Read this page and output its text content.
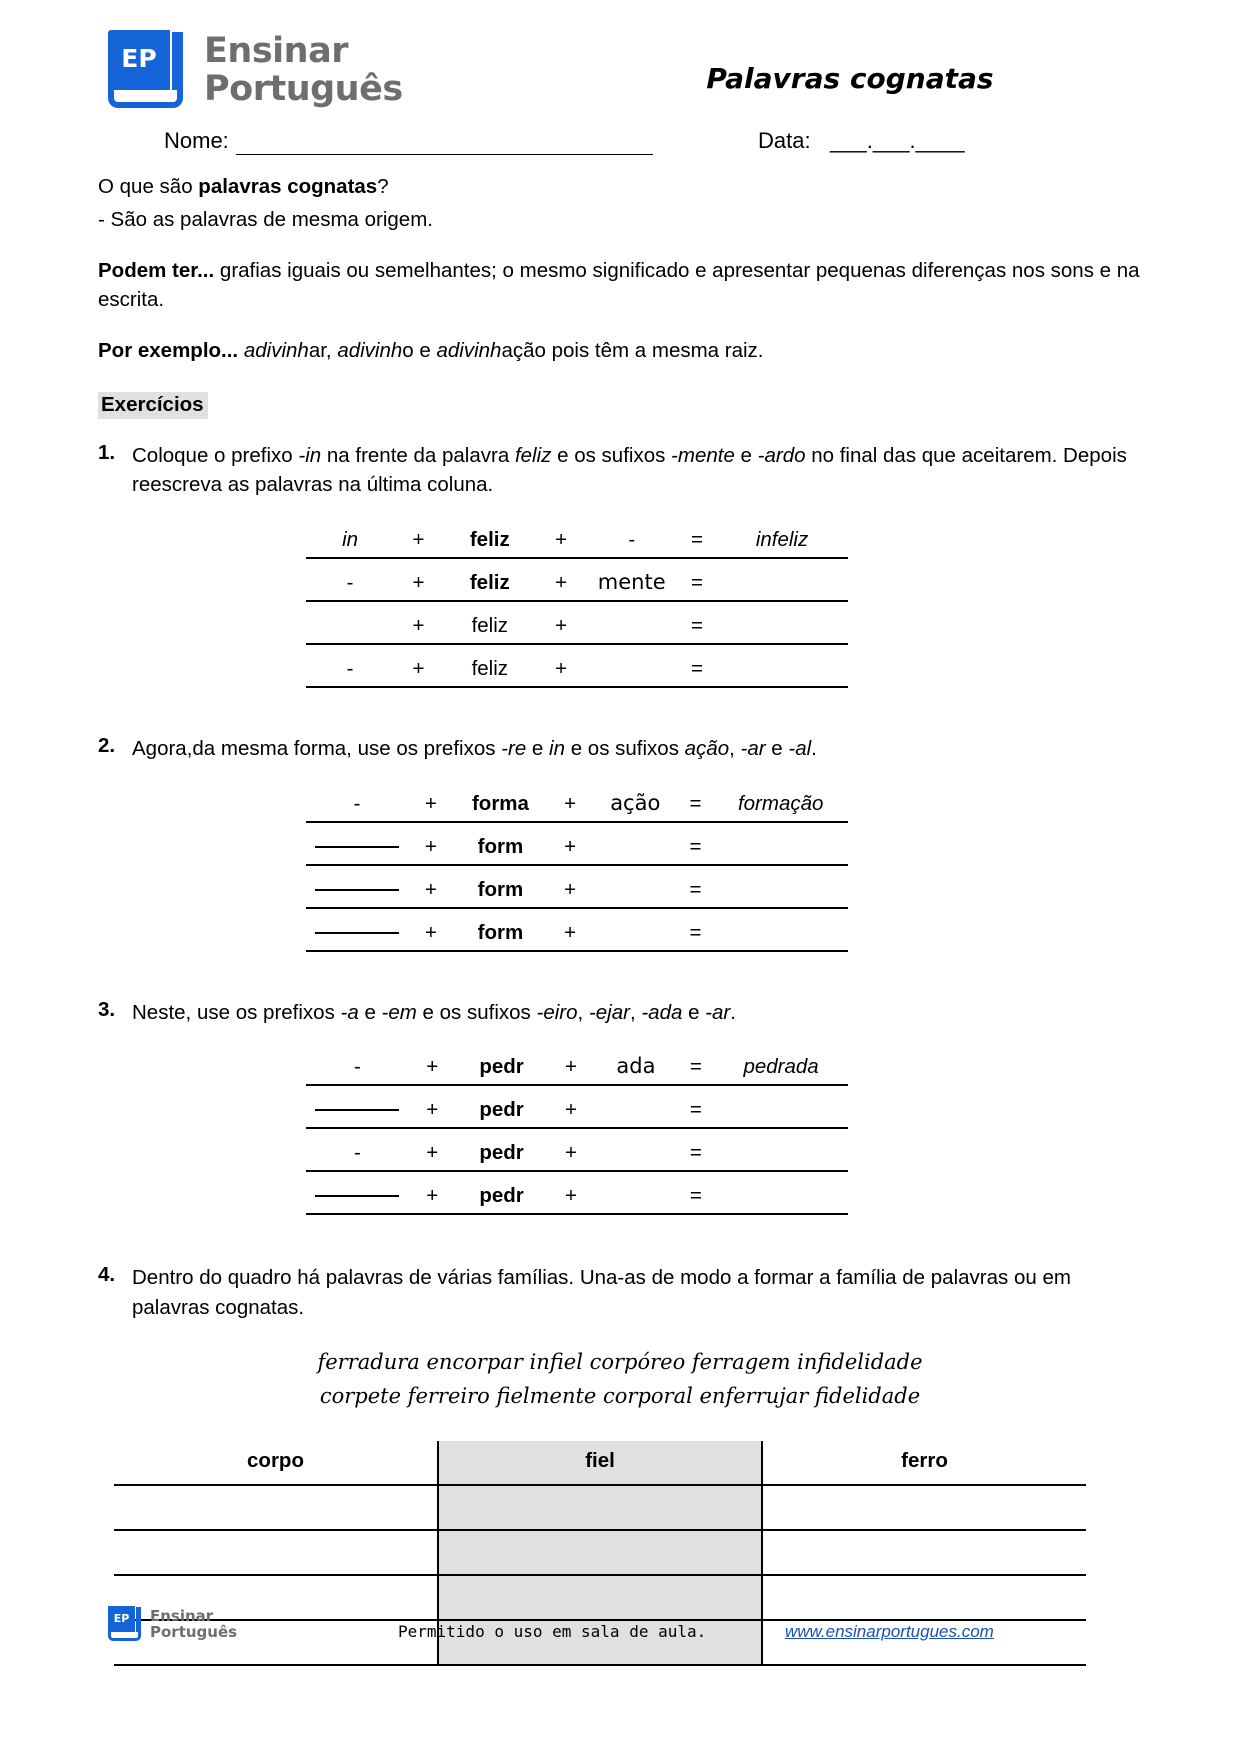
EP	Ensinar
Português	Palavras cognatas
Nome:	Data: ___.___.____

O que são palavras cognatas?

- São as palavras de mesma origem.

Podem ter... grafias iguais ou semelhantes; o mesmo significado e apresentar pequenas diferenças nos sons e na escrita.

Por exemplo... adivinhar, adivinho e adivinhação pois têm a mesma raiz.

Exercícios
1. Coloque o prefixo -in na frente da palavra feliz e os sufixos -mente e -ardo no final das que aceitarem. Depois reescreva as palavras na última coluna.
in	+	feliz	+	-	=	infeliz
-	+	feliz	+	mente	=	
	+	feliz	+		=	
-	+	feliz	+		=	
2. Agora,da mesma forma, use os prefixos -re e in e os sufixos ação, -ar e -al.
-	+	forma	+	ação	=	formação
	+	form	+		=	
	+	form	+		=	
	+	form	+		=	
3. Neste, use os prefixos -a e -em e os sufixos -eiro, -ejar, -ada e -ar.
-	+	pedr	+	ada	=	pedrada
	+	pedr	+		=	
-	+	pedr	+		=	
	+	pedr	+		=	
4. Dentro do quadro há palavras de várias famílias. Una-as de modo a formar a família de palavras ou em palavras cognatas.
ferradura encorpar infiel corpóreo ferragem infidelidade
corpete ferreiro fielmente corporal enferrujar fidelidade
corpo	fiel	ferro

EP	Ensinar
Português	Permitido o uso em sala de aula.	www.ensinarportugues.com
